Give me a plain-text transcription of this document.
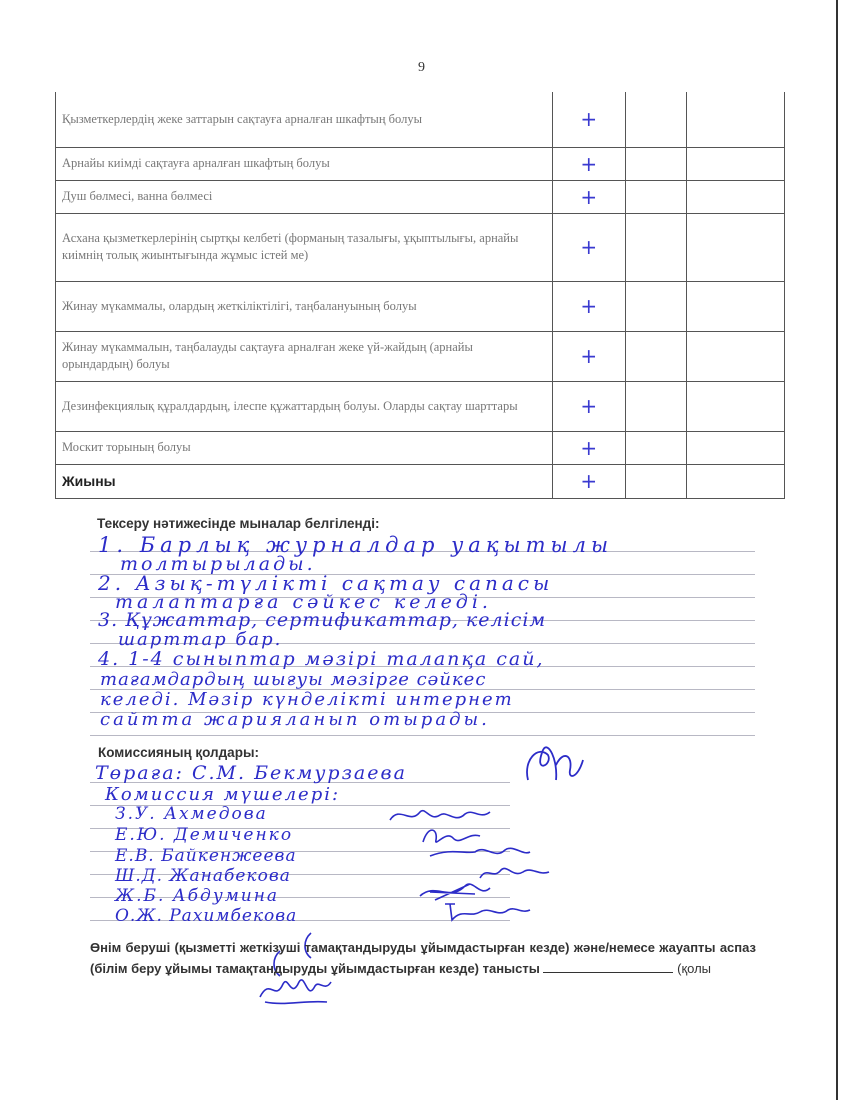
9
Қызметкерлердің жеке заттарын сақтауға арналған шкафтың болуы	+		
Арнайы киімді сақтауға арналған шкафтың болуы	+		
Душ бөлмесі, ванна бөлмесі	+		
Асхана қызметкерлерінің сыртқы келбеті (форманың тазалығы, ұқыптылығы, арнайы киімнің толық жиынтығында жұмыс істей ме)	+		
Жинау мүкаммалы, олардың жеткіліктілігі, таңбалануының болуы	+		
Жинау мүкаммалын, таңбалауды сақтауға арналған жеке үй-жайдың (арнайы орындардың) болуы	+		
Дезинфекциялық құралдардың, ілеспе құжаттардың болуы. Оларды сақтау шарттары	+		
Москит торының болуы	+		
Жиыны	+		
Тексеру нәтижесінде мыналар белгіленді:
1. Барлық журналдар уақытылы
толтырылады.
2. Азық-түлікті сақтау сапасы
талаптарға сәйкес келеді.
3. Құжаттар, сертификаттар, келісім
шарттар бар.
4. 1-4 сыныптар мәзірі талапқа сай,
тағамдардың шығуы мәзірге сәйкес
келеді. Мәзір күнделікті интернет
сайтта жарияланып отырады.
Комиссияның қолдары:
Төраға: С.М. Бекмурзаева
Комиссия мүшелері:
З.У. Ахмедова
Е.Ю. Демиченко
Е.В. Байкенжеева
Ш.Д. Жанабекова
Ж.Б. Абдумина
О.Ж. Рахимбекова
Өнім беруші (қызметті жеткізуші тамақтандыруды ұйымдастырған кезде) және/немесе жауапты аспаз (білім беру ұйымы тамақтандыруды ұйымдастырған кезде) танысты	(қолы
